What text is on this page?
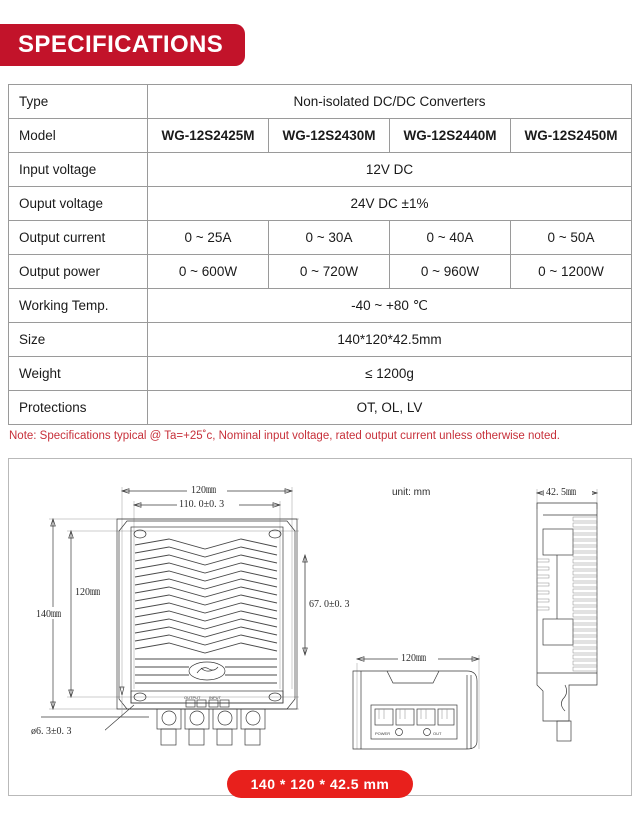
SPECIFICATIONS
Type	Non-isolated DC/DC Converters			
Model	WG-12S2425M	WG-12S2430M	WG-12S2440M	WG-12S2450M
Input voltage	12V DC			
Ouput voltage	24V DC ±1%			
Output current	0 ~ 25A	0 ~ 30A	0 ~ 40A	0 ~ 50A
Output power	0 ~ 600W	0 ~ 720W	0 ~ 960W	0 ~ 1200W
Working Temp.	-40 ~ +80 ℃			
Size	140*120*42.5mm			
Weight	≤ 1200g			
Protections	OT, OL, LV			
Note: Specifications typical @ Ta=+25˚c, Nominal input voltage, rated output current unless otherwise noted.
120㎜
110. 0±0. 3
140㎜
120㎜
OUTPUT INPUT
ø6. 3±0. 3
67. 0±0. 3
unit: mm
120㎜
POWER	OUT
42. 5㎜
140 * 120 * 42.5 mm
